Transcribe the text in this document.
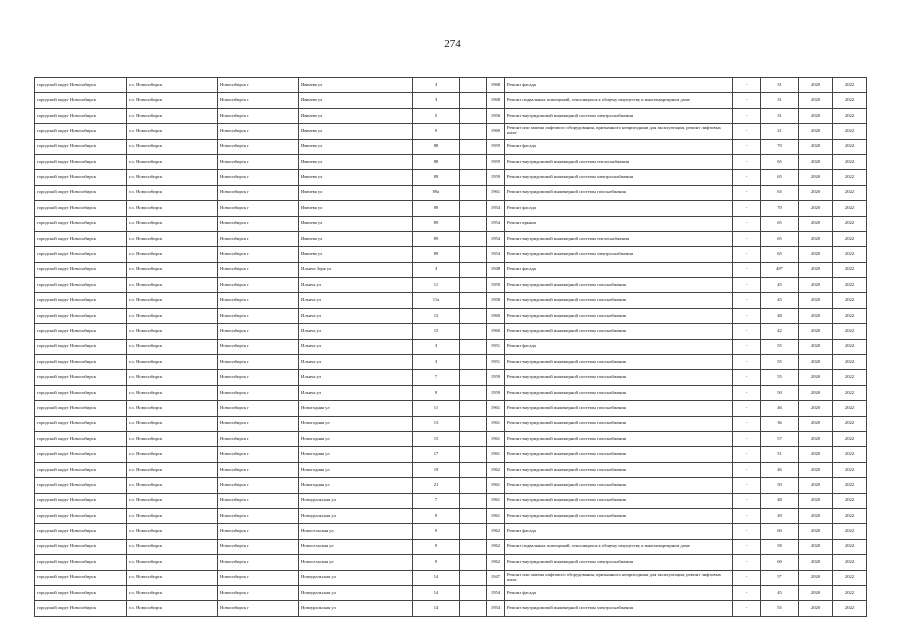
274
городской округ Новосибирск	г.о. Новосибирск	Новосибирск г	Ивачева ул	3		1968	Ремонт фасада	-	31	2020	2022
городской округ Новосибирск	г.о. Новосибирск	Новосибирск г	Ивачева ул	3		1968	Ремонт подвальных помещений, относящихся к общему имуществу в многоквартирном доме	-	31	2020	2022
городской округ Новосибирск	г.о. Новосибирск	Новосибирск г	Ивачева ул	5		1956	Ремонт внутридомовой инженерной системы электроснабжения	-	31	2020	2022
городской округ Новосибирск	г.о. Новосибирск	Новосибирск г	Ивачева ул	9		1969	Ремонт или замена лифтового оборудования, признанного непригодным для эксплуатации, ремонт лифтовых шахт	-	21	2020	2022
городской округ Новосибирск	г.о. Новосибирск	Новосибирск г	Ивачева ул	88		1959	Ремонт фасада	-	70	2020	2022
городской округ Новосибирск	г.о. Новосибирск	Новосибирск г	Ивачева ул	88		1959	Ремонт внутридомовой инженерной системы теплоснабжения	-	65	2020	2022
городской округ Новосибирск	г.о. Новосибирск	Новосибирск г	Ивачева ул	89		1959	Ремонт внутридомовой инженерной системы электроснабжения	-	65	2020	2022
городской округ Новосибирск	г.о. Новосибирск	Новосибирск г	Ивачева ул	89а		1961	Ремонт внутридомовой инженерной системы газоснабжения	-	65	2020	2022
городской округ Новосибирск	г.о. Новосибирск	Новосибирск г	Ивачева ул	89		1954	Ремонт фасада	-	70	2020	2022
городской округ Новосибирск	г.о. Новосибирск	Новосибирск г	Ивачева ул	89		1954	Ремонт крыши	-	65	2020	2022
городской округ Новосибирск	г.о. Новосибирск	Новосибирск г	Ивачева ул	89		1954	Ремонт внутридомовой инженерной системы теплоснабжения	-	65	2020	2022
городской округ Новосибирск	г.о. Новосибирск	Новосибирск г	Ивачева ул	89		1954	Ремонт внутридомовой инженерной системы электроснабжения	-	65	2020	2022
городской округ Новосибирск	г.о. Новосибирск	Новосибирск г	Ильича Зоря ул	3		1948	Ремонт фасада	-	48*	2020	2022
городской округ Новосибирск	г.о. Новосибирск	Новосибирск г	Ильича ул	11		1959	Ремонт внутридомовой инженерной системы газоснабжения	-	45	2020	2022
городской округ Новосибирск	г.о. Новосибирск	Новосибирск г	Ильича ул	11а		1958	Ремонт внутридомовой инженерной системы газоснабжения	-	45	2020	2022
городской округ Новосибирск	г.о. Новосибирск	Новосибирск г	Ильича ул	13		1960	Ремонт внутридомовой инженерной системы газоснабжения	-	48	2020	2022
городской округ Новосибирск	г.о. Новосибирск	Новосибирск г	Ильича ул	15		1960	Ремонт внутридомовой инженерной системы газоснабжения	-	42	2020	2022
городской округ Новосибирск	г.о. Новосибирск	Новосибирск г	Ильича ул	3		1951	Ремонт фасада	-	55	2020	2022
городской округ Новосибирск	г.о. Новосибирск	Новосибирск г	Ильича ул	3		1951	Ремонт внутридомовой инженерной системы газоснабжения	-	55	2020	2022
городской округ Новосибирск	г.о. Новосибирск	Новосибирск г	Ильича ул	7		1959	Ремонт внутридомовой инженерной системы газоснабжения	-	55	2020	2022
городской округ Новосибирск	г.о. Новосибирск	Новосибирск г	Ильича ул	9		1959	Ремонт внутридомовой инженерной системы газоснабжения	-	50	2020	2022
городской округ Новосибирск	г.о. Новосибирск	Новосибирск г	Новогодняя ул	11		1961	Ремонт внутридомовой инженерной системы газоснабжения	-	46	2020	2022
городской округ Новосибирск	г.о. Новосибирск	Новосибирск г	Новогодняя ул	13		1961	Ремонт внутридомовой инженерной системы газоснабжения	-	36	2020	2022
городской округ Новосибирск	г.о. Новосибирск	Новосибирск г	Новогодняя ул	15		1961	Ремонт внутридомовой инженерной системы газоснабжения	-	57	2020	2022
городской округ Новосибирск	г.о. Новосибирск	Новосибирск г	Новогодняя ул	17		1961	Ремонт внутридомовой инженерной системы газоснабжения	-	51	2020	2022
городской округ Новосибирск	г.о. Новосибирск	Новосибирск г	Новогодняя ул	19		1962	Ремонт внутридомовой инженерной системы газоснабжения	-	46	2020	2022
городской округ Новосибирск	г.о. Новосибирск	Новосибирск г	Новогодняя ул	21		1961	Ремонт внутридомовой инженерной системы газоснабжения	-	50	2020	2022
городской округ Новосибирск	г.о. Новосибирск	Новосибирск г	Новоуральская ул	7		1961	Ремонт внутридомовой инженерной системы газоснабжения	-	48	2020	2022
городской округ Новосибирск	г.о. Новосибирск	Новосибирск г	Новоуральская ул	9		1961	Ремонт внутридомовой инженерной системы газоснабжения	-	49	2020	2022
городской округ Новосибирск	г.о. Новосибирск	Новосибирск г	Новосельская ул	9		1962	Ремонт фасада	-	60	2020	2022
городской округ Новосибирск	г.о. Новосибирск	Новосибирск г	Новосельская ул	9		1962	Ремонт подвальных помещений, относящихся к общему имуществу в многоквартирном доме	-	58	2020	2022
городской округ Новосибирск	г.о. Новосибирск	Новосибирск г	Новосельская ул	9		1962	Ремонт внутридомовой инженерной системы электроснабжения	-	60	2020	2022
городской округ Новосибирск	г.о. Новосибирск	Новосибирск г	Новоуральская ул	14		1947	Ремонт или замена лифтового оборудования, признанного непригодным для эксплуатации, ремонт лифтовых шахт	-	5*	2020	2022
городской округ Новосибирск	г.о. Новосибирск	Новосибирск г	Новоуральская ул	14		1954	Ремонт фасада	-	45	2020	2022
городской округ Новосибирск	г.о. Новосибирск	Новосибирск г	Новоуральская ул	14		1954	Ремонт внутридомовой инженерной системы электроснабжения	-	55	2020	2022
